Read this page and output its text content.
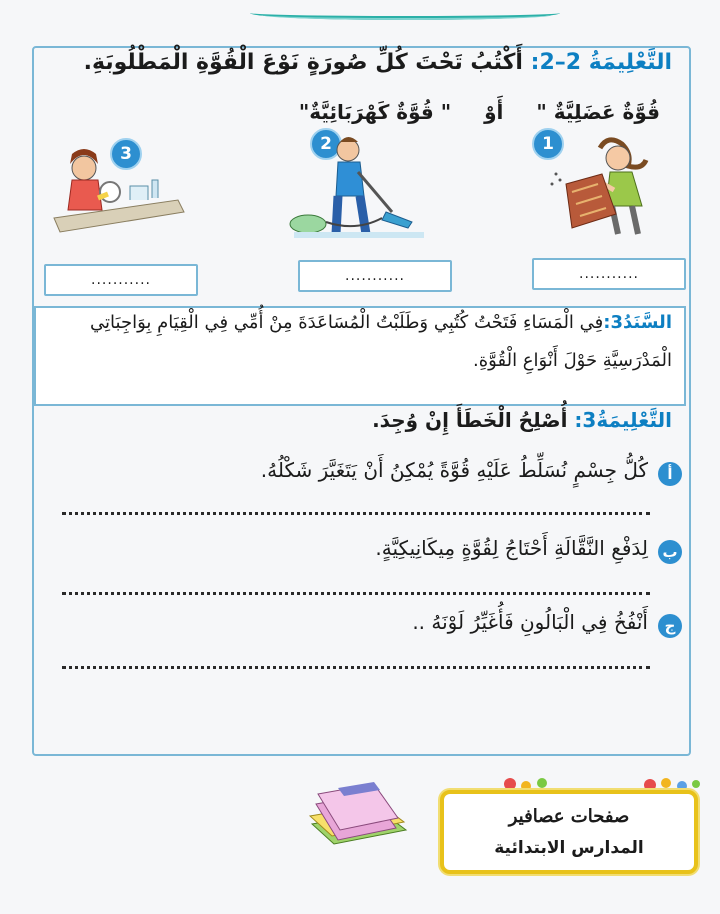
التَّعْلِيمَةُ 2–2: أَكْتُبُ تَحْتَ كُلِّ صُورَةٍ نَوْعَ الْقُوَّةِ الْمَطْلُوبَةِ.
قُوَّةٌ عَضَلِيَّةٌ " أَوْ " قُوَّةٌ كَهْرَبَائِيَّةٌ"
1
2
3
...........
...........
...........
السَّنَدُ3:فِي الْمَسَاءِ فَتَحْتُ كُتُبِي وَطَلَبْتُ الْمُسَاعَدَةَ مِنْ أُمِّي فِي الْقِيَامِ بِوَاجِبَاتِي
الْمَدْرَسِيَّةِ حَوْلَ أَنْوَاعِ الْقُوَّةِ.
التَّعْلِيمَةُ3: أُصْلِحُ الْخَطَأَ إِنْ وُجِدَ.
أ
كُلُّ جِسْمٍ نُسَلِّطُ عَلَيْهِ قُوَّةً يُمْكِنُ أَنْ يَتَغَيَّرَ شَكْلُهُ.
ب
لِدَفْعِ النَّقَّالَةِ أَحْتَاجُ لِقُوَّةٍ مِيكَانِيكِيَّةٍ.
ج
أَنْفُخُ فِي الْبَالُونِ فَأُغَيِّرُ لَوْنَهُ ..
صفحات عصافير
المدارس الابتدائية
